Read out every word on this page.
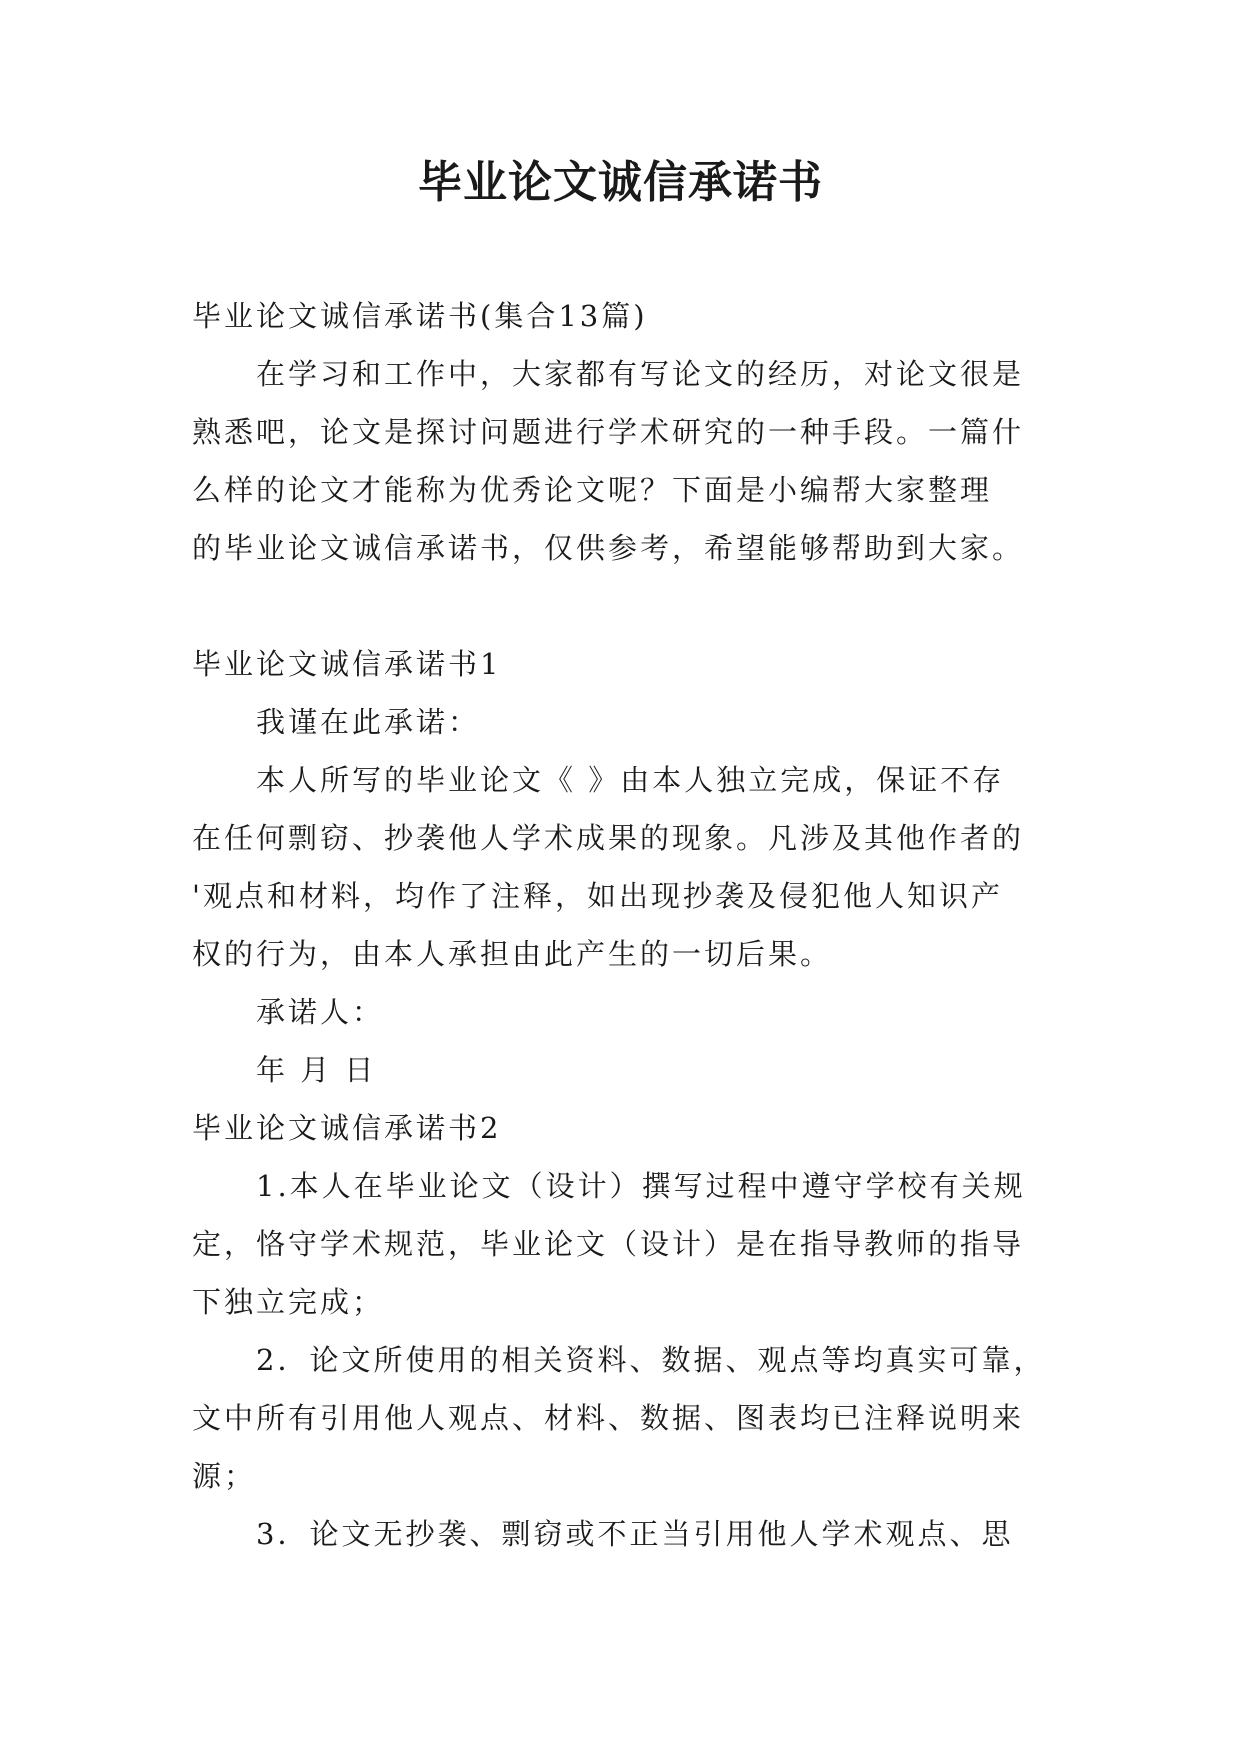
毕业论文诚信承诺书

毕业论文诚信承诺书(集合13篇)

在学习和工作中，大家都有写论文的经历，对论文很是

熟悉吧，论文是探讨问题进行学术研究的一种手段。一篇什

么样的论文才能称为优秀论文呢？下面是小编帮大家整理

的毕业论文诚信承诺书，仅供参考，希望能够帮助到大家。

毕业论文诚信承诺书1

我谨在此承诺：

本人所写的毕业论文《 》由本人独立完成，保证不存

在任何剽窃、抄袭他人学术成果的现象。凡涉及其他作者的

'观点和材料，均作了注释，如出现抄袭及侵犯他人知识产

权的行为，由本人承担由此产生的一切后果。

承诺人：

年 月 日

毕业论文诚信承诺书2

1.本人在毕业论文（设计）撰写过程中遵守学校有关规

定，恪守学术规范，毕业论文（设计）是在指导教师的指导

下独立完成；

2．论文所使用的相关资料、数据、观点等均真实可靠，

文中所有引用他人观点、材料、数据、图表均已注释说明来

源；

3．论文无抄袭、剽窃或不正当引用他人学术观点、思
